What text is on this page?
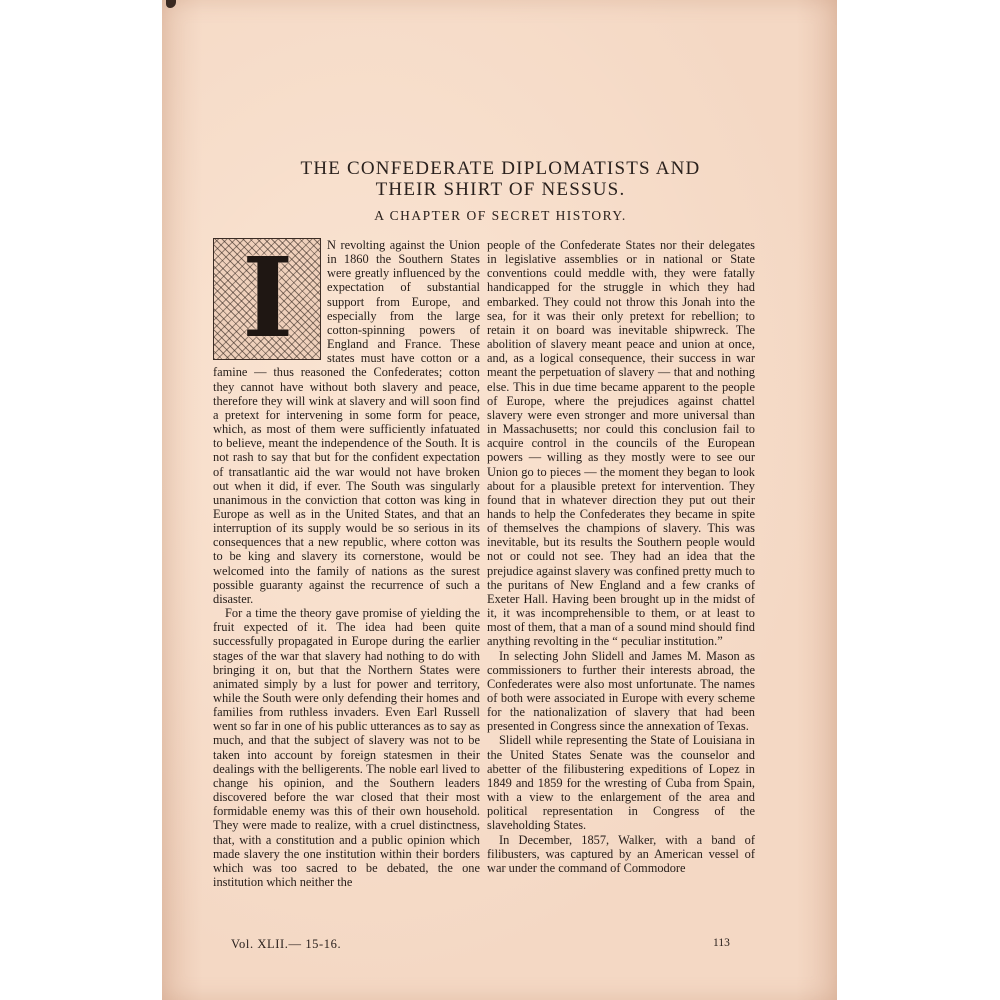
THE CONFEDERATE DIPLOMATISTS AND
THEIR SHIRT OF NESSUS.
A CHAPTER OF SECRET HISTORY.
I	N revolting against the Union in 1860 the Southern States were greatly influenced by the expectation of substantial support from Europe, and especially from the large cotton-spinning powers of England and France. These states must have cotton or a famine — thus reasoned the Confederates; cotton they cannot have without both slavery and peace, therefore they will wink at slavery and will soon find a pretext for intervening in some form for peace, which, as most of them were sufficiently infatuated to believe, meant the independence of the South. It is not rash to say that but for the confident expectation of transatlantic aid the war would not have broken out when it did, if ever. The South was singularly unanimous in the conviction that cotton was king in Europe as well as in the United States, and that an interruption of its supply would be so serious in its consequences that a new republic, where cotton was to be king and slavery its cornerstone, would be welcomed into the family of nations as the surest possible guaranty against the recurrence of such a disaster.

For a time the theory gave promise of yielding the fruit expected of it. The idea had been quite successfully propagated in Europe during the earlier stages of the war that slavery had nothing to do with bringing it on, but that the Northern States were animated simply by a lust for power and territory, while the South were only defending their homes and families from ruthless invaders. Even Earl Russell went so far in one of his public utterances as to say as much, and that the subject of slavery was not to be taken into account by foreign statesmen in their dealings with the belligerents. The noble earl lived to change his opinion, and the Southern leaders discovered before the war closed that their most formidable enemy was this of their own household. They were made to realize, with a cruel distinctness, that, with a constitution and a public opinion which made slavery the one institution within their borders which was too sacred to be debated, the one institution which neither the

people of the Confederate States nor their delegates in legislative assemblies or in national or State conventions could meddle with, they were fatally handicapped for the struggle in which they had embarked. They could not throw this Jonah into the sea, for it was their only pretext for rebellion; to retain it on board was inevitable shipwreck. The abolition of slavery meant peace and union at once, and, as a logical consequence, their success in war meant the perpetuation of slavery — that and nothing else. This in due time became apparent to the people of Europe, where the prejudices against chattel slavery were even stronger and more universal than in Massachusetts; nor could this conclusion fail to acquire control in the councils of the European powers — willing as they mostly were to see our Union go to pieces — the moment they began to look about for a plausible pretext for intervention. They found that in whatever direction they put out their hands to help the Confederates they became in spite of themselves the champions of slavery. This was inevitable, but its results the Southern people would not or could not see. They had an idea that the prejudice against slavery was confined pretty much to the puritans of New England and a few cranks of Exeter Hall. Having been brought up in the midst of it, it was incomprehensible to them, or at least to most of them, that a man of a sound mind should find anything revolting in the “ peculiar institution.”

In selecting John Slidell and James M. Mason as commissioners to further their interests abroad, the Confederates were also most unfortunate. The names of both were associated in Europe with every scheme for the nationalization of slavery that had been presented in Congress since the annexation of Texas.

Slidell while representing the State of Louisiana in the United States Senate was the counselor and abetter of the filibustering expeditions of Lopez in 1849 and 1859 for the wresting of Cuba from Spain, with a view to the enlargement of the area and political representation in Congress of the slaveholding States.

In December, 1857, Walker, with a band of filibusters, was captured by an American vessel of war under the command of Commodore

Vol. XLII.— 15-16.	113
